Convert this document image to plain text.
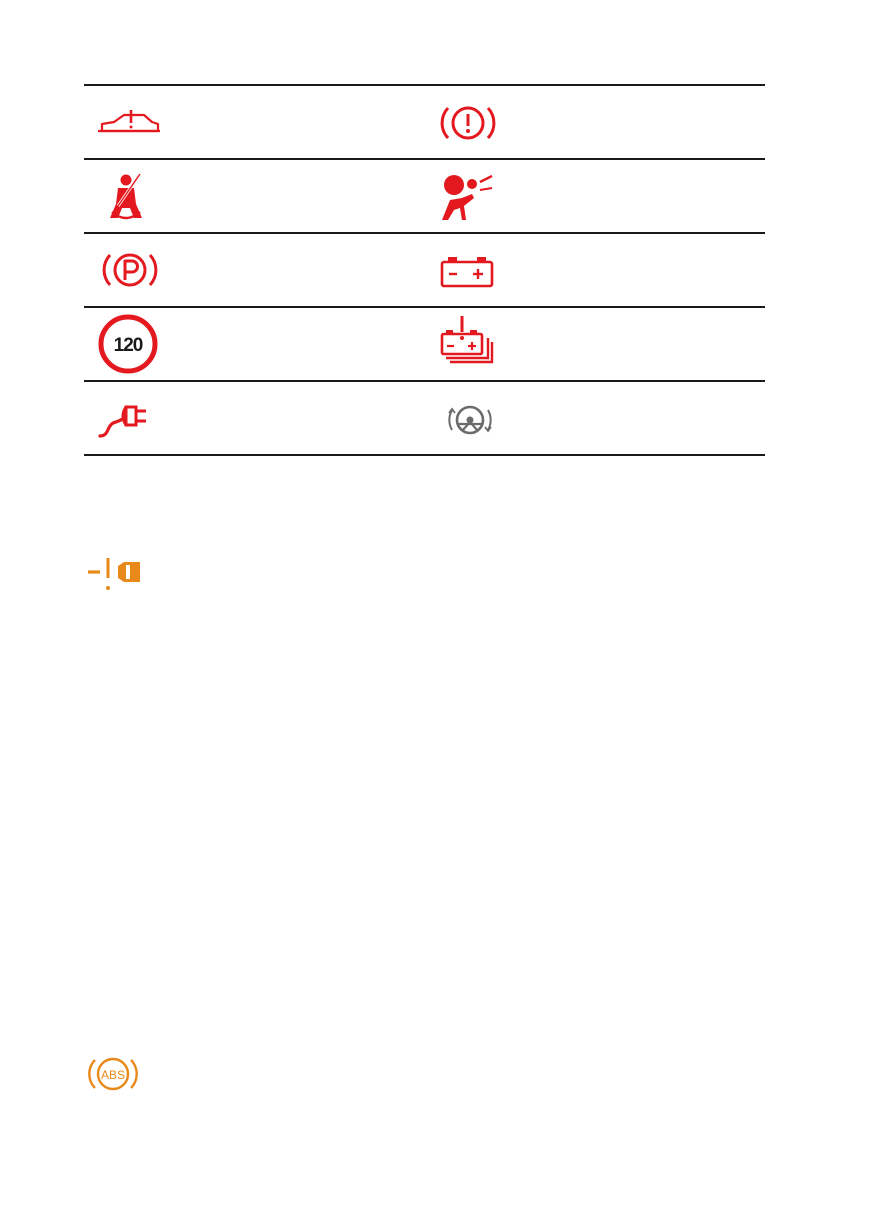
120
ABS
